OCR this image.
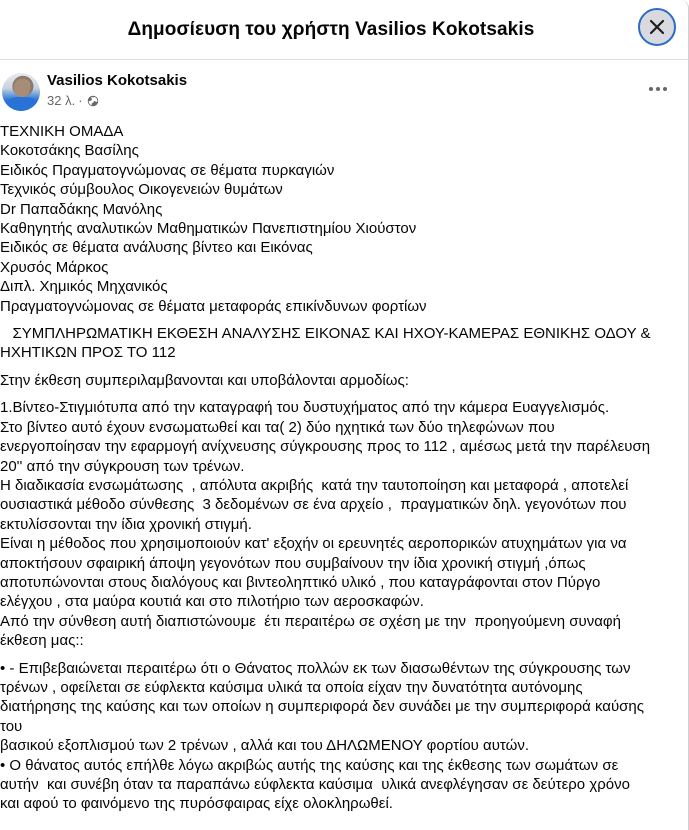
Δημοσίευση του χρήστη Vasilios Kokotsakis
Vasilios Kokotsakis
32 λ. ·
ΤΕΧΝΙΚΗ ΟΜΑΔΑ
Κοκοτσάκης Βασίλης
Ειδικός Πραγματογνώμονας σε θέματα πυρκαγιών
Τεχνικός σύμβουλος Οικογενειών θυμάτων
Dr Παπαδάκης Μανόλης
Καθηγητής αναλυτικών Μαθηματικών Πανεπιστημίου Χιούστον
Ειδικός σε θέματα ανάλυσης βίντεο και Εικόνας
Χρυσός Μάρκος
Διπλ. Χημικός Μηχανικός
Πραγματογνώμονας σε θέματα μεταφοράς επικίνδυνων φορτίων
ΣΥΜΠΛΗΡΩΜΑΤΙΚΗ ΕΚΘΕΣΗ ΑΝΑΛΥΣΗΣ ΕΙΚΟΝΑΣ ΚΑΙ ΗΧΟΥ-ΚΑΜΕΡΑΣ ΕΘΝΙΚΗΣ ΟΔΟΥ &
ΗΧΗΤΙΚΩΝ ΠΡΟΣ ΤΟ 112
Στην έκθεση συμπεριλαμβανονται και υποβάλονται αρμοδίως:
1.Βίντεο-Στιγμιότυπα από την καταγραφή του δυστυχήματος από την κάμερα Ευαγγελισμός.
Στο βίντεο αυτό έχουν ενσωματωθεί και τα( 2) δύο ηχητικά των δύο τηλεφώνων που
ενεργοποίησαν την εφαρμογή ανίχνευσης σύγκρουσης προς το 112 , αμέσως μετά την παρέλευση
20'' από την σύγκρουση των τρένων.
Η διαδικασία ενσωμάτωσης  , απόλυτα ακριβής  κατά την ταυτοποίηση και μεταφορά , αποτελεί
ουσιαστικά μέθοδο σύνθεσης  3 δεδομένων σε ένα αρχείο ,  πραγματικών δηλ. γεγονότων που
εκτυλίσσονται την ίδια χρονική στιγμή.
Είναι η μέθοδος που χρησιμοποιούν κατ' εξοχήν οι ερευνητές αεροπορικών ατυχημάτων για να
αποκτήσουν σφαιρική άποψη γεγονότων που συμβαίνουν την ίδια χρονική στιγμή ,όπως
αποτυπώνονται στους διαλόγους και βιντεοληπτικό υλικό , που καταγράφονται στον Πύργο
ελέγχου , στα μαύρα κουτιά και στο πιλοτήριο των αεροσκαφών.
Από την σύνθεση αυτή διαπιστώνουμε  έτι περαιτέρω σε σχέση με την  προηγούμενη συναφή
έκθεση μας::
• - Επιβεβαιώνεται περαιτέρω ότι ο Θάνατος πολλών εκ των διασωθέντων της σύγκρουσης των
τρένων , οφείλεται σε εύφλεκτα καύσιμα υλικά τα οποία είχαν την δυνατότητα αυτόνομης
διατήρησης της καύσης και των οποίων η συμπεριφορά δεν συνάδει με την συμπεριφορά καύσης
του
βασικού εξοπλισμού των 2 τρένων , αλλά και του ΔΗΛΩΜΕΝΟΥ φορτίου αυτών.
• Ο θάνατος αυτός επήλθε λόγω ακριβώς αυτής της καύσης και της έκθεσης των σωμάτων σε
αυτήν  και συνέβη όταν τα παραπάνω εύφλεκτα καύσιμα  υλικά ανεφλέγησαν σε δεύτερο χρόνο
και αφού το φαινόμενο της πυρόσφαιρας είχε ολοκληρωθεί.
